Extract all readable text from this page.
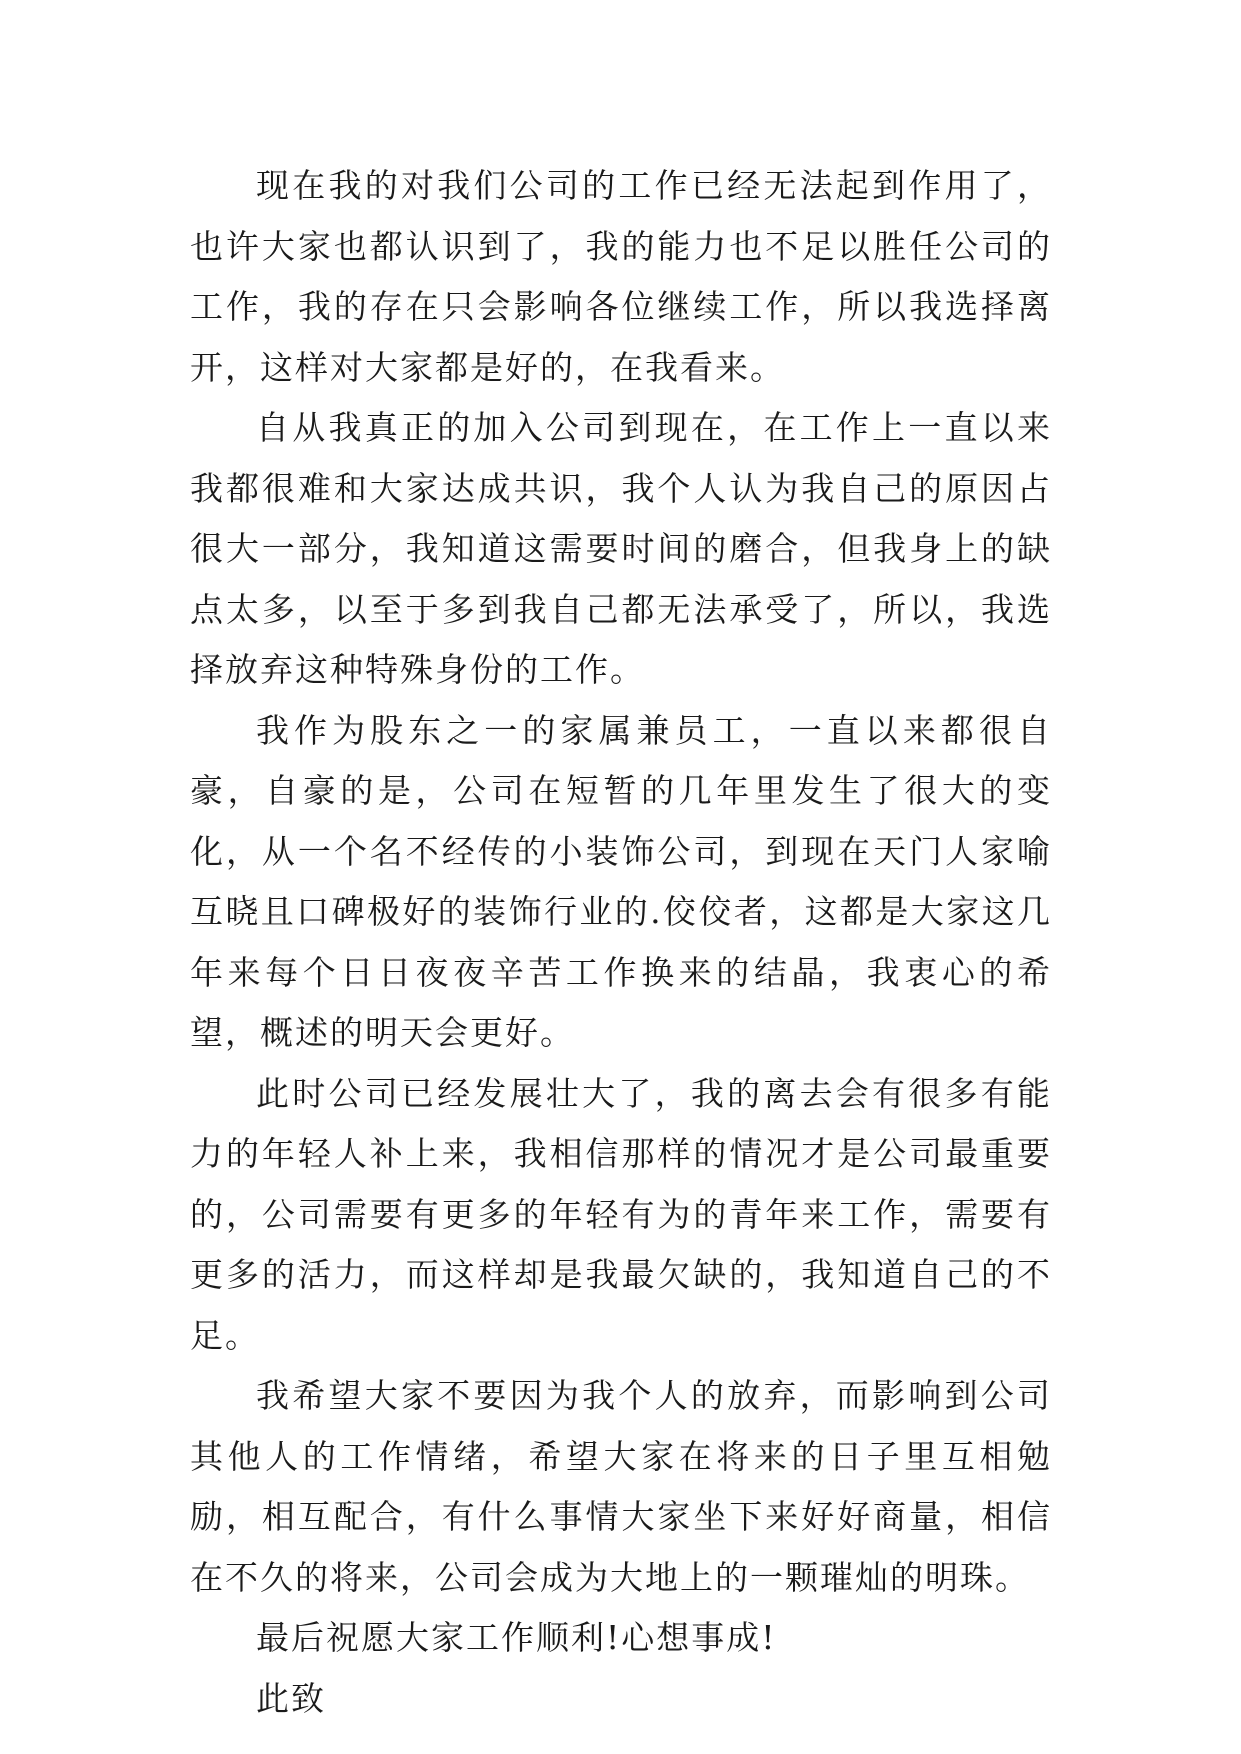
现在我的对我们公司的工作已经无法起到作用了，也许大家也都认识到了，我的能力也不足以胜任公司的工作，我的存在只会影响各位继续工作，所以我选择离开，这样对大家都是好的，在我看来。

自从我真正的加入公司到现在，在工作上一直以来我都很难和大家达成共识，我个人认为我自己的原因占很大一部分，我知道这需要时间的磨合，但我身上的缺点太多，以至于多到我自己都无法承受了，所以，我选择放弃这种特殊身份的工作。

我作为股东之一的家属兼员工，一直以来都很自豪，自豪的是，公司在短暂的几年里发生了很大的变化，从一个名不经传的小装饰公司，到现在天门人家喻互晓且口碑极好的装饰行业的.佼佼者，这都是大家这几年来每个日日夜夜辛苦工作换来的结晶，我衷心的希望，概述的明天会更好。

此时公司已经发展壮大了，我的离去会有很多有能力的年轻人补上来，我相信那样的情况才是公司最重要的，公司需要有更多的年轻有为的青年来工作，需要有更多的活力，而这样却是我最欠缺的，我知道自己的不足。

我希望大家不要因为我个人的放弃，而影响到公司其他人的工作情绪，希望大家在将来的日子里互相勉励，相互配合，有什么事情大家坐下来好好商量，相信在不久的将来，公司会成为大地上的一颗璀灿的明珠。

最后祝愿大家工作顺利!心想事成!

此致
